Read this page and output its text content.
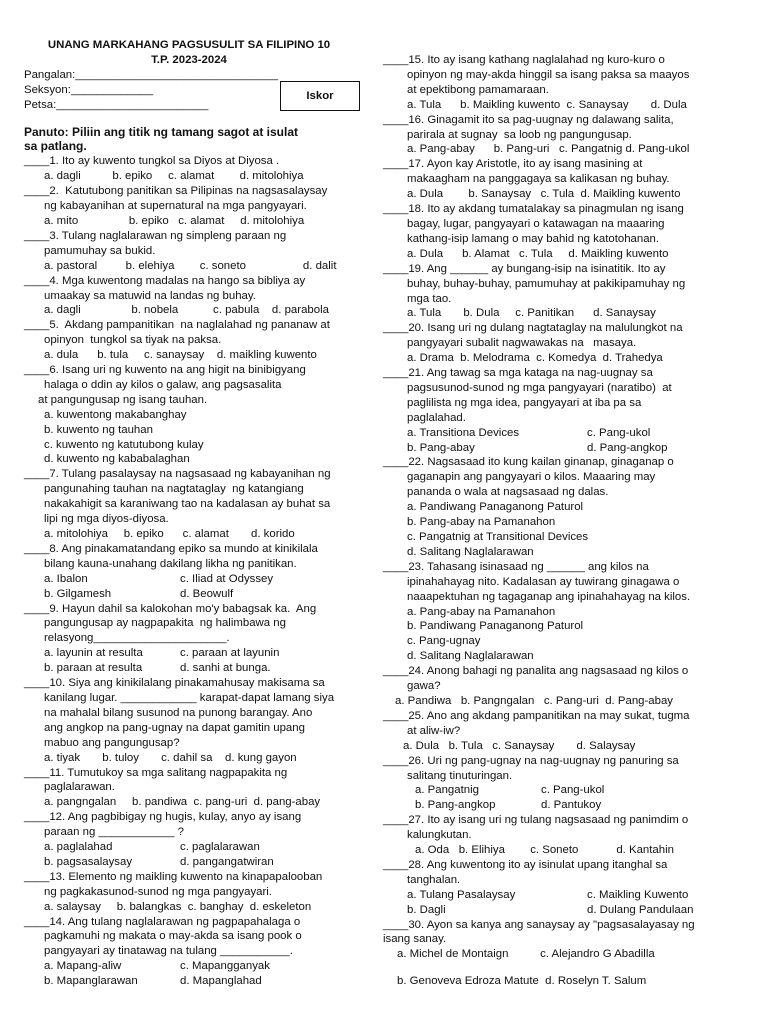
UNANG MARKAHANG PAGSUSULIT SA FILIPINO 10
T.P. 2023-2024
Pangalan:________________________________
Seksyon:_____________
Petsa:________________________
Panuto: Piliin ang titik ng tamang sagot at isulat
sa patlang.
____1. Ito ay kuwento tungkol sa Diyos at Diyosa .
a. dagli          b. epiko     c. alamat        d. mitolohiya
____2.  Katutubong panitikan sa Pilipinas na nagsasalaysay
ng kabayanihan at supernatural na mga pangyayari.
a. mito                b. epiko   c. alamat     d. mitolohiya
____3. Tulang naglalarawan ng simpleng paraan ng
pamumuhay sa bukid.
a. pastoral         b. elehiya        c. soneto                  d. dalit
____4. Mga kuwentong madalas na hango sa bibliya ay
umaakay sa matuwid na landas ng buhay.
a. dagli                b. nobela           c. pabula    d. parabola
____5.  Akdang pampanitikan  na naglalahad ng pananaw at
opinyon  tungkol sa tiyak na paksa.
a. dula      b. tula     c. sanaysay    d. maikling kuwento
____6. Isang uri ng kuwento na ang higit na binibigyang
halaga o ddin ay kilos o galaw, ang pagsasalita
at pangungusap ng isang tauhan.
a. kuwentong makabanghay
b. kuwento ng tauhan
c. kuwento ng katutubong kulay
d. kuwento ng kababalaghan
____7. Tulang pasalaysay na nagsasaad ng kabayanihan ng
pangunahing tauhan na nagtataglay  ng katangiang
nakakahigit sa karaniwang tao na kadalasan ay buhat sa
lipi ng mga diyos-diyosa.
a. mitolohiya     b. epiko      c. alamat       d. korido
____8. Ang pinakamatandang epiko sa mundo at kinikilala
bilang kauna-unahang dakilang likha ng panitikan.
a. Ibalon	c. Iliad at Odyssey
b. Gilgamesh	d. Beowulf
____9. Hayun dahil sa kalokohan mo'y babagsak ka.  Ang
pangungusap ay nagpapakita  ng halimbawa ng
relasyong_____________________.
a. layunin at resulta	c. paraan at layunin
b. paraan at resulta	d. sanhi at bunga.
____10. Siya ang kinikilalang pinakamahusay makisama sa
kanilang lugar. ____________ karapat-dapat lamang siya
na mahalal bilang susunod na punong barangay. Ano
ang angkop na pang-ugnay na dapat gamitin upang
mabuo ang pangungusap?
a. tiyak       b. tuloy       c. dahil sa    d. kung gayon
____11. Tumutukoy sa mga salitang nagpapakita ng
paglalarawan.
a. pangngalan     b. pandiwa  c. pang-uri  d. pang-abay
____12. Ang pagbibigay ng hugis, kulay, anyo ay isang
paraan ng ____________ ?
a. paglalahad	c. paglalarawan
b. pagsasalaysay	d. pangangatwiran
____13. Elemento ng maikling kuwento na kinapapalooban
ng pagkakasunod-sunod ng mga pangyayari.
a. salaysay     b. balangkas  c. banghay  d. eskeleton
____14. Ang tulang naglalarawan ng pagpapahalaga o
pagkamuhi ng makata o may-akda sa isang pook o
pangyayari ay tinatawag na tulang ___________.
a. Mapang-aliw	c. Mapangganyak
b. Mapanglarawan	d. Mapanglahad
Iskor
____15. Ito ay isang kathang naglalahad ng kuro-kuro o
opinyon ng may-akda hinggil sa isang paksa sa maayos
at epektibong pamamaraan.
a. Tula      b. Maikling kuwento  c. Sanaysay       d. Dula
____16. Ginagamit ito sa pag-uugnay ng dalawang salita,
parirala at sugnay  sa loob ng pangungusap.
a. Pang-abay      b. Pang-uri   c. Pangatnig d. Pang-ukol
____17. Ayon kay Aristotle, ito ay isang masining at
makaagham na panggagaya sa kalikasan ng buhay.
a. Dula        b. Sanaysay   c. Tula  d. Maikling kuwento
____18. Ito ay akdang tumatalakay sa pinagmulan ng isang
bagay, lugar, pangyayari o katawagan na maaaring
kathang-isip lamang o may bahid ng katotohanan.
a. Dula      b. Alamat   c. Tula     d. Maikling kuwento
____19. Ang ______ ay bungang-isip na isinatitik. Ito ay
buhay, buhay-buhay, pamumuhay at pakikipamuhay ng
mga tao.
a. Tula       b. Dula     c. Panitikan      d. Sanaysay
____20. Isang uri ng dulang nagtataglay na malulungkot na
pangyayari subalit nagwawakas na   masaya.
a. Drama  b. Melodrama  c. Komedya  d. Trahedya
____21. Ang tawag sa mga kataga na nag-uugnay sa
pagsusunod-sunod ng mga pangyayari (naratibo)  at
paglilista ng mga idea, pangyayari at iba pa sa
paglalahad.
a. Transitiona Devices	c. Pang-ukol
b. Pang-abay	d. Pang-angkop
____22. Nagsasaad ito kung kailan ginanap, ginaganap o
gaganapin ang pangyayari o kilos. Maaaring may
pananda o wala at nagsasaad ng dalas.
a. Pandiwang Panaganong Paturol
b. Pang-abay na Pamanahon
c. Pangatnig at Transitional Devices
d. Salitang Naglalarawan
____23. Tahasang isinasaad ng ______ ang kilos na
ipinahahayag nito. Kadalasan ay tuwirang ginagawa o
naaapektuhan ng tagaganap ang ipinahahayag na kilos.
a. Pang-abay na Pamanahon
b. Pandiwang Panaganong Paturol
c. Pang-ugnay
d. Salitang Naglalarawan
____24. Anong bahagi ng panalita ang nagsasaad ng kilos o
gawa?
a. Pandiwa   b. Pangngalan   c. Pang-uri  d. Pang-abay
____25. Ano ang akdang pampanitikan na may sukat, tugma
at aliw-iw?
a. Dula   b. Tula   c. Sanaysay       d. Salaysay
____26. Uri ng pang-ugnay na nag-uugnay ng panuring sa
salitang tinuturingan.
a. Pangatnig	c. Pang-ukol
b. Pang-angkop	d. Pantukoy
____27. Ito ay isang uri ng tulang nagsasaad ng panimdim o
kalungkutan.
a. Oda   b. Elihiya        c. Soneto            d. Kantahin
____28. Ang kuwentong ito ay isinulat upang itanghal sa
tanghalan.
a. Tulang Pasalaysay	c. Maikling Kuwento
b. Dagli	d. Dulang Pandulaan
____30. Ayon sa kanya ang sanaysay ay "pagsasalayasay ng
isang sanay.
a. Michel de Montaign          c. Alejandro G Abadilla
b. Genoveva Edroza Matute  d. Roselyn T. Salum
